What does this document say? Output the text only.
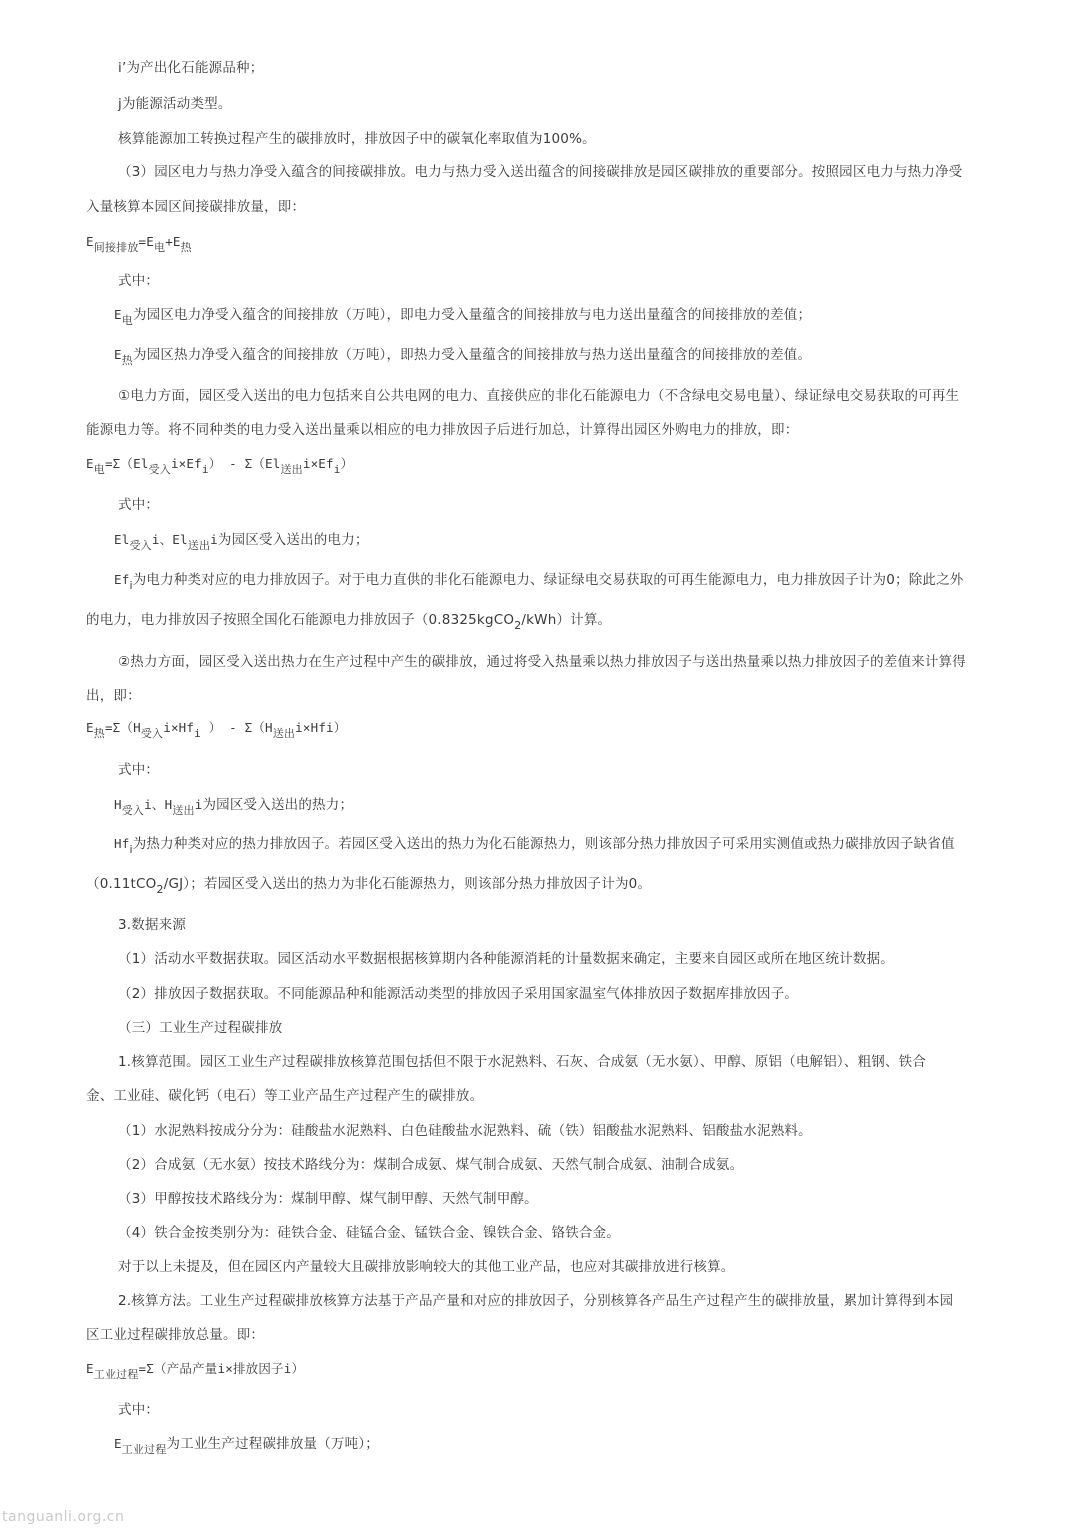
i’为产出化石能源品种；
j为能源活动类型。
核算能源加工转换过程产生的碳排放时，排放因子中的碳氧化率取值为100%。
（3）园区电力与热力净受入蕴含的间接碳排放。电力与热力受入送出蕴含的间接碳排放是园区碳排放的重要部分。按照园区电力与热力净受
入量核算本园区间接碳排放量，即：
$E_{间接排放}=E_电+E_热$
式中：
$E_电$为园区电力净受入蕴含的间接排放（万吨），即电力受入量蕴含的间接排放与电力送出量蕴含的间接排放的差值；
$E_热$为园区热力净受入蕴含的间接排放（万吨），即热力受入量蕴含的间接排放与热力送出量蕴含的间接排放的差值。
①电力方面，园区受入送出的电力包括来自公共电网的电力、直接供应的非化石能源电力（不含绿电交易电量）、绿证绿电交易获取的可再生
能源电力等。将不同种类的电力受入送出量乘以相应的电力排放因子后进行加总，计算得出园区外购电力的排放，即：
$E_电=\Sigma(El_{受入}i\times Ef_i) - \Sigma(El_{送出}i\times Ef_i)$
式中：
$El_{受入}i$、$El_{送出}i$为园区受入送出的电力；
$Ef_i$为电力种类对应的电力排放因子。对于电力直供的非化石能源电力、绿证绿电交易获取的可再生能源电力，电力排放因子计为0；除此之外
的电力，电力排放因子按照全国化石能源电力排放因子（0.8325kgCO$_2$/kWh）计算。
②热力方面，园区受入送出热力在生产过程中产生的碳排放，通过将受入热量乘以热力排放因子与送出热量乘以热力排放因子的差值来计算得
出，即：
$E_热=\Sigma(H_{受入}i\times Hf_i$ ） - $\Sigma(H_{送出}i\times Hfi)$
式中：
$H_{受入}i$、$H_{送出}i$为园区受入送出的热力；
$Hf_i$为热力种类对应的热力排放因子。若园区受入送出的热力为化石能源热力，则该部分热力排放因子可采用实测值或热力碳排放因子缺省值
（0.11tCO$_2$/GJ）；若园区受入送出的热力为非化石能源热力，则该部分热力排放因子计为0。
3.数据来源
（1）活动水平数据获取。园区活动水平数据根据核算期内各种能源消耗的计量数据来确定，主要来自园区或所在地区统计数据。
（2）排放因子数据获取。不同能源品种和能源活动类型的排放因子采用国家温室气体排放因子数据库排放因子。
（三）工业生产过程碳排放
1.核算范围。园区工业生产过程碳排放核算范围包括但不限于水泥熟料、石灰、合成氨（无水氨）、甲醇、原铝（电解铝）、粗钢、铁合
金、工业硅、碳化钙（电石）等工业产品生产过程产生的碳排放。
（1）水泥熟料按成分分为：硅酸盐水泥熟料、白色硅酸盐水泥熟料、硫（铁）铝酸盐水泥熟料、铝酸盐水泥熟料。
（2）合成氨（无水氨）按技术路线分为：煤制合成氨、煤气制合成氨、天然气制合成氨、油制合成氨。
（3）甲醇按技术路线分为：煤制甲醇、煤气制甲醇、天然气制甲醇。
（4）铁合金按类别分为：硅铁合金、硅锰合金、锰铁合金、镍铁合金、铬铁合金。
对于以上未提及，但在园区内产量较大且碳排放影响较大的其他工业产品，也应对其碳排放进行核算。
2.核算方法。工业生产过程碳排放核算方法基于产品产量和对应的排放因子，分别核算各产品生产过程产生的碳排放量，累加计算得到本园
区工业过程碳排放总量。即：
$E_{工业过程}=\Sigma$（产品产量i×排放因子i）
式中：
$E_{工业过程}$为工业生产过程碳排放量（万吨）；
tanguanli.org.cn
